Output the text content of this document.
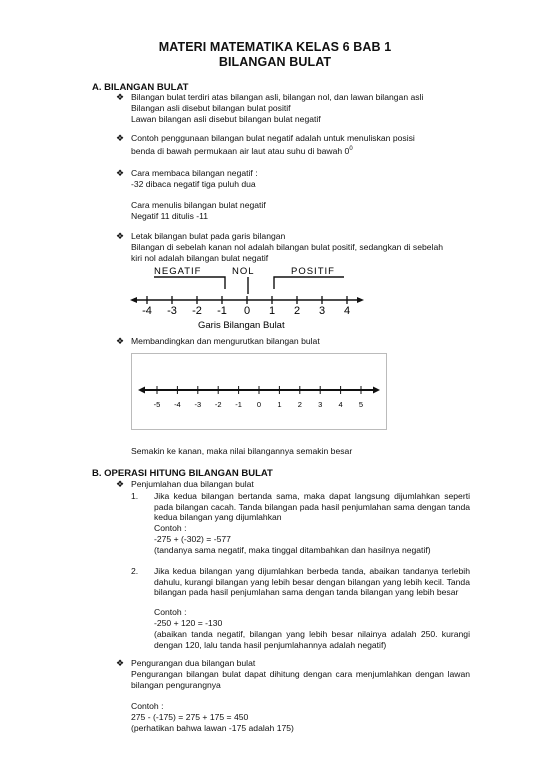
MATERI MATEMATIKA KELAS 6 BAB 1
BILANGAN BULAT
A. BILANGAN BULAT
❖ Bilangan bulat terdiri atas bilangan asli, bilangan nol, dan lawan bilangan asli
Bilangan asli disebut bilangan bulat positif
Lawan bilangan asli disebut bilangan bulat negatif
❖ Contoh penggunaan bilangan bulat negatif adalah untuk menuliskan posisi
benda di bawah permukaan air laut atau suhu di bawah $0^0$
❖ Cara membaca bilangan negatif :
-32 dibaca negatif tiga puluh dua
Cara menulis bilangan bulat negatif
Negatif 11 ditulis -11
❖ Letak bilangan bulat pada garis bilangan
Bilangan di sebelah kanan nol adalah bilangan bulat positif, sedangkan di sebelah
kiri nol adalah bilangan bulat negatif
NEGATIF	NOL	POSITIF
-4 -3 -2 -1 0 1 2 3 4
Garis Bilangan Bulat
❖ Membandingkan dan mengurutkan bilangan bulat
-5 -4 -3 -2 -1 0 1 2 3 4 5
Semakin ke kanan, maka nilai bilangannya semakin besar
B. OPERASI HITUNG BILANGAN BULAT
❖ Penjumlahan dua bilangan bulat
1. Jika kedua bilangan bertanda sama, maka dapat langsung dijumlahkan seperti pada bilangan cacah. Tanda bilangan pada hasil penjumlahan sama dengan tanda kedua bilangan yang dijumlahkan
Contoh :
-275 + (-302) = -577
(tandanya sama negatif, maka tinggal ditambahkan dan hasilnya negatif)
2. Jika kedua bilangan yang dijumlahkan berbeda tanda, abaikan tandanya terlebih dahulu, kurangi bilangan yang lebih besar dengan bilangan yang lebih kecil. Tanda bilangan pada hasil penjumlahan sama dengan tanda bilangan yang lebih besar
Contoh :
-250 + 120 = -130
(abaikan tanda negatif, bilangan yang lebih besar nilainya adalah 250. kurangi dengan 120, lalu tanda hasil penjumlahannya adalah negatif)
❖ Pengurangan dua bilangan bulat
Pengurangan bilangan bulat dapat dihitung dengan cara menjumlahkan dengan lawan bilangan pengurangnya
Contoh :
275 - (-175) = 275 + 175 = 450
(perhatikan bahwa lawan -175 adalah 175)
